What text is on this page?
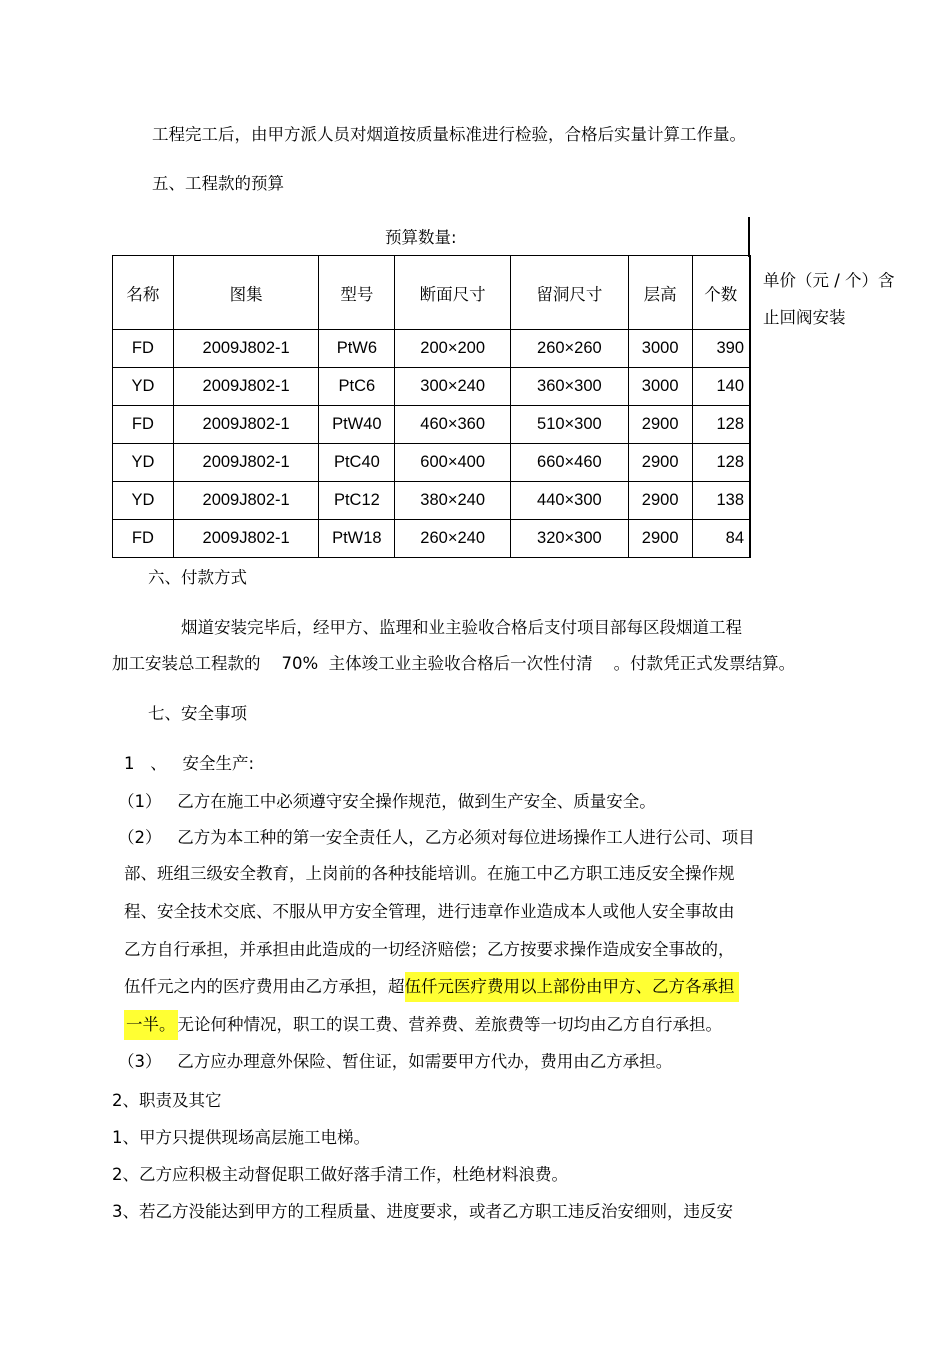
工程完工后，由甲方派人员对烟道按质量标准进行检验，合格后实量计算工作量。
五、工程款的预算
预算数量:
名称	图集	型号	断面尺寸	留洞尺寸	层高	个数
FD	2009J802-1	PtW6	200×200	260×260	3000	390
YD	2009J802-1	PtC6	300×240	360×300	3000	140
FD	2009J802-1	PtW40	460×360	510×300	2900	128
YD	2009J802-1	PtC40	600×400	660×460	2900	128
YD	2009J802-1	PtC12	380×240	440×300	2900	138
FD	2009J802-1	PtW18	260×240	320×300	2900	84
单价（元 / 个）含
止回阀安装
六、付款方式
烟道安装完毕后，经甲方、监理和业主验收合格后支付项目部每区段烟道工程
加工安装总工程款的    70%  主体竣工业主验收合格后一次性付清    。付款凭正式发票结算。
七、安全事项
1   、   安全生产:
（1）   乙方在施工中必须遵守安全操作规范，做到生产安全、质量安全。
（2）   乙方为本工种的第一安全责任人，乙方必须对每位进场操作工人进行公司、项目
部、班组三级安全教育，上岗前的各种技能培训。在施工中乙方职工违反安全操作规
程、安全技术交底、不服从甲方安全管理，进行违章作业造成本人或他人安全事故由
乙方自行承担，并承担由此造成的一切经济赔偿；乙方按要求操作造成安全事故的，
伍仟元之内的医疗费用由乙方承担，超伍仟元医疗费用以上部份由甲方、乙方各承担
一半。 无论何种情况，职工的误工费、营养费、差旅费等一切均由乙方自行承担。
（3）   乙方应办理意外保险、暂住证，如需要甲方代办，费用由乙方承担。
2、职责及其它
1、甲方只提供现场高层施工电梯。
2、乙方应积极主动督促职工做好落手清工作，杜绝材料浪费。
3、若乙方没能达到甲方的工程质量、进度要求，或者乙方职工违反治安细则，违反安
